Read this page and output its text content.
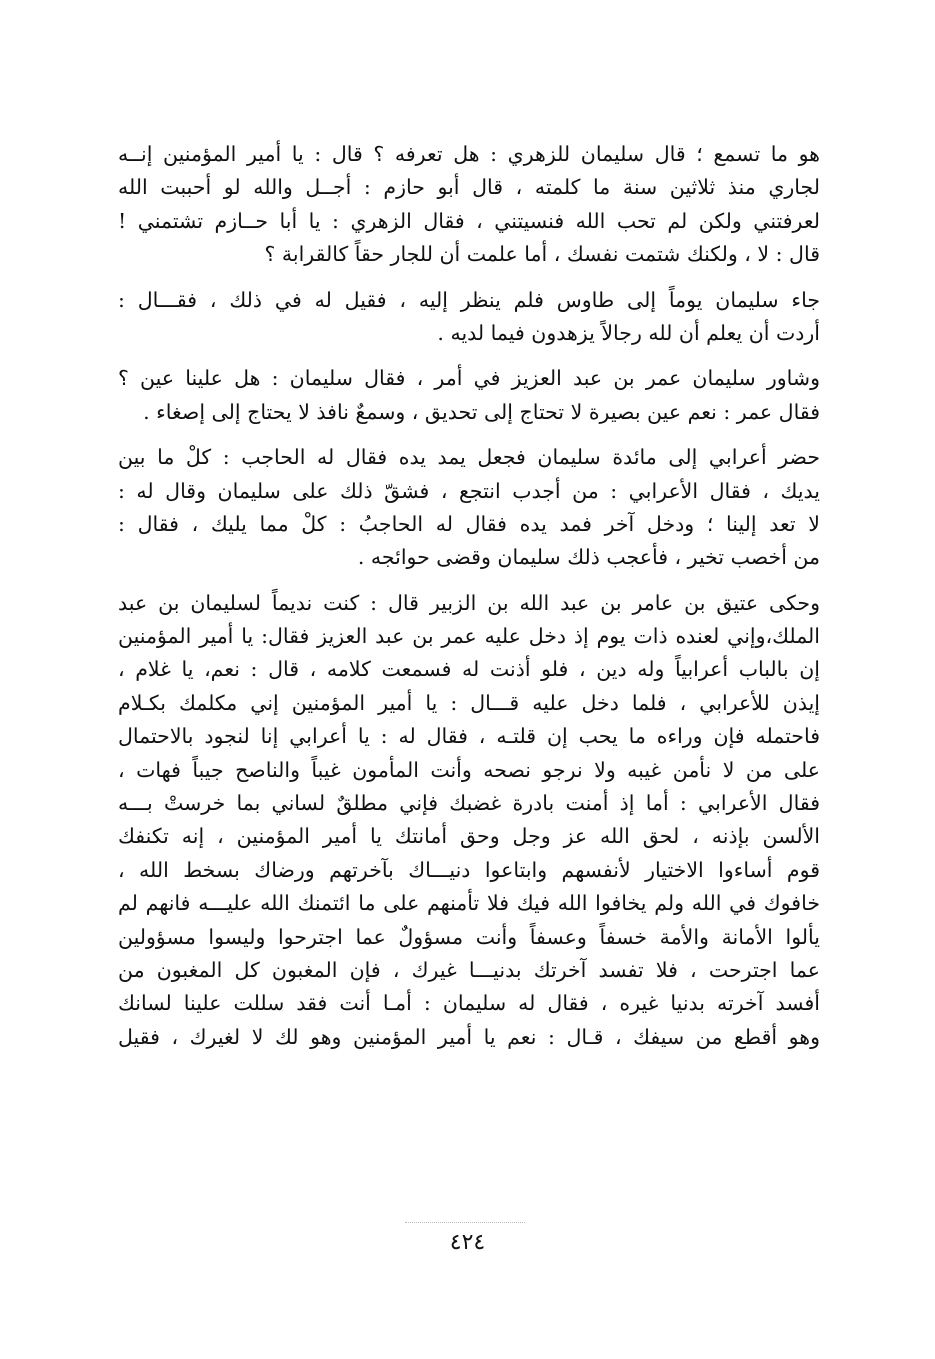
هو ما تسمع ؛ قال سليمان للزهري : هل تعرفه ؟ قال : يا أمير المؤمنين إنــه
لجاري منذ ثلاثين سنة ما كلمته ، قال أبو حازم : أجــل والله لو أحببت الله
لعرفتني ولكن لم تحب الله فنسيتني ، فقال الزهري : يا أبا حــازم تشتمني !
قال : لا ، ولكنك شتمت نفسك ، أما علمت أن للجار حقاً كالقرابة ؟
جاء سليمان يوماً إلى طاوس فلم ينظر إليه ، فقيل له في ذلك ، فقـــال :
أردت أن يعلم أن لله رجالاً يزهدون فيما لديه .
وشاور سليمان عمر بن عبد العزيز في أمر ، فقال سليمان : هل علينا عين ؟
فقال عمر : نعم عين بصيرة لا تحتاج إلى تحديق ، وسمعٌ نافذ لا يحتاج إلى إصغاء .
حضر أعرابي إلى مائدة سليمان فجعل يمد يده فقال له الحاجب : كلْ ما بين
يديك ، فقال الأعرابي : من أجدب انتجع ، فشقّ ذلك على سليمان وقال له :
لا تعد إلينا ؛ ودخل آخر فمد يده فقال له الحاجبُ : كلْ مما يليك ، فقال :
من أخصب تخير ، فأعجب ذلك سليمان وقضى حوائجه .
وحكى عتيق بن عامر بن عبد الله بن الزبير قال : كنت نديماً لسليمان بن عبد
الملك،وإني لعنده ذات يوم إذ دخل عليه عمر بن عبد العزيز فقال: يا أمير المؤمنين
إن بالباب أعرابياً وله دين ، فلو أذنت له فسمعت كلامه ، قال : نعم، يا غلام ،
إيذن للأعرابي ، فلما دخل عليه قـــال : يا أمير المؤمنين إني مكلمك بكـلام
فاحتمله فإن وراءه ما يحب إن قلتـه ، فقال له : يا أعرابي إنا لنجود بالاحتمال
على من لا نأمن غيبه ولا نرجو نصحه وأنت المأمون غيباً والناصح جيباً فهات ،
فقال الأعرابي : أما إذ أمنت بادرة غضبك فإني مطلقٌ لساني بما خرستْ بـــه
الألسن بإذنه ، لحق الله عز وجل وحق أمانتك يا أمير المؤمنين ، إنه تكنفك
قوم أساءوا الاختيار لأنفسهم وابتاعوا دنيـــاك بآخرتهم ورضاك بسخط الله ،
خافوك في الله ولم يخافوا الله فيك فلا تأمنهم على ما ائتمنك الله عليـــه فانهم لم
يألوا الأمانة والأمة خسفاً وعسفاً وأنت مسؤولٌ عما اجترحوا وليسوا مسؤولين
عما اجترحت ، فلا تفسد آخرتك بدنيـــا غيرك ، فإن المغبون كل المغبون من
أفسد آخرته بدنيا غيره ، فقال له سليمان : أمـا أنت فقد سللت علينا لسانك
وهو أقطع من سيفك ، قـال : نعم يا أمير المؤمنين وهو لك لا لغيرك ، فقيل
٤٢٤
